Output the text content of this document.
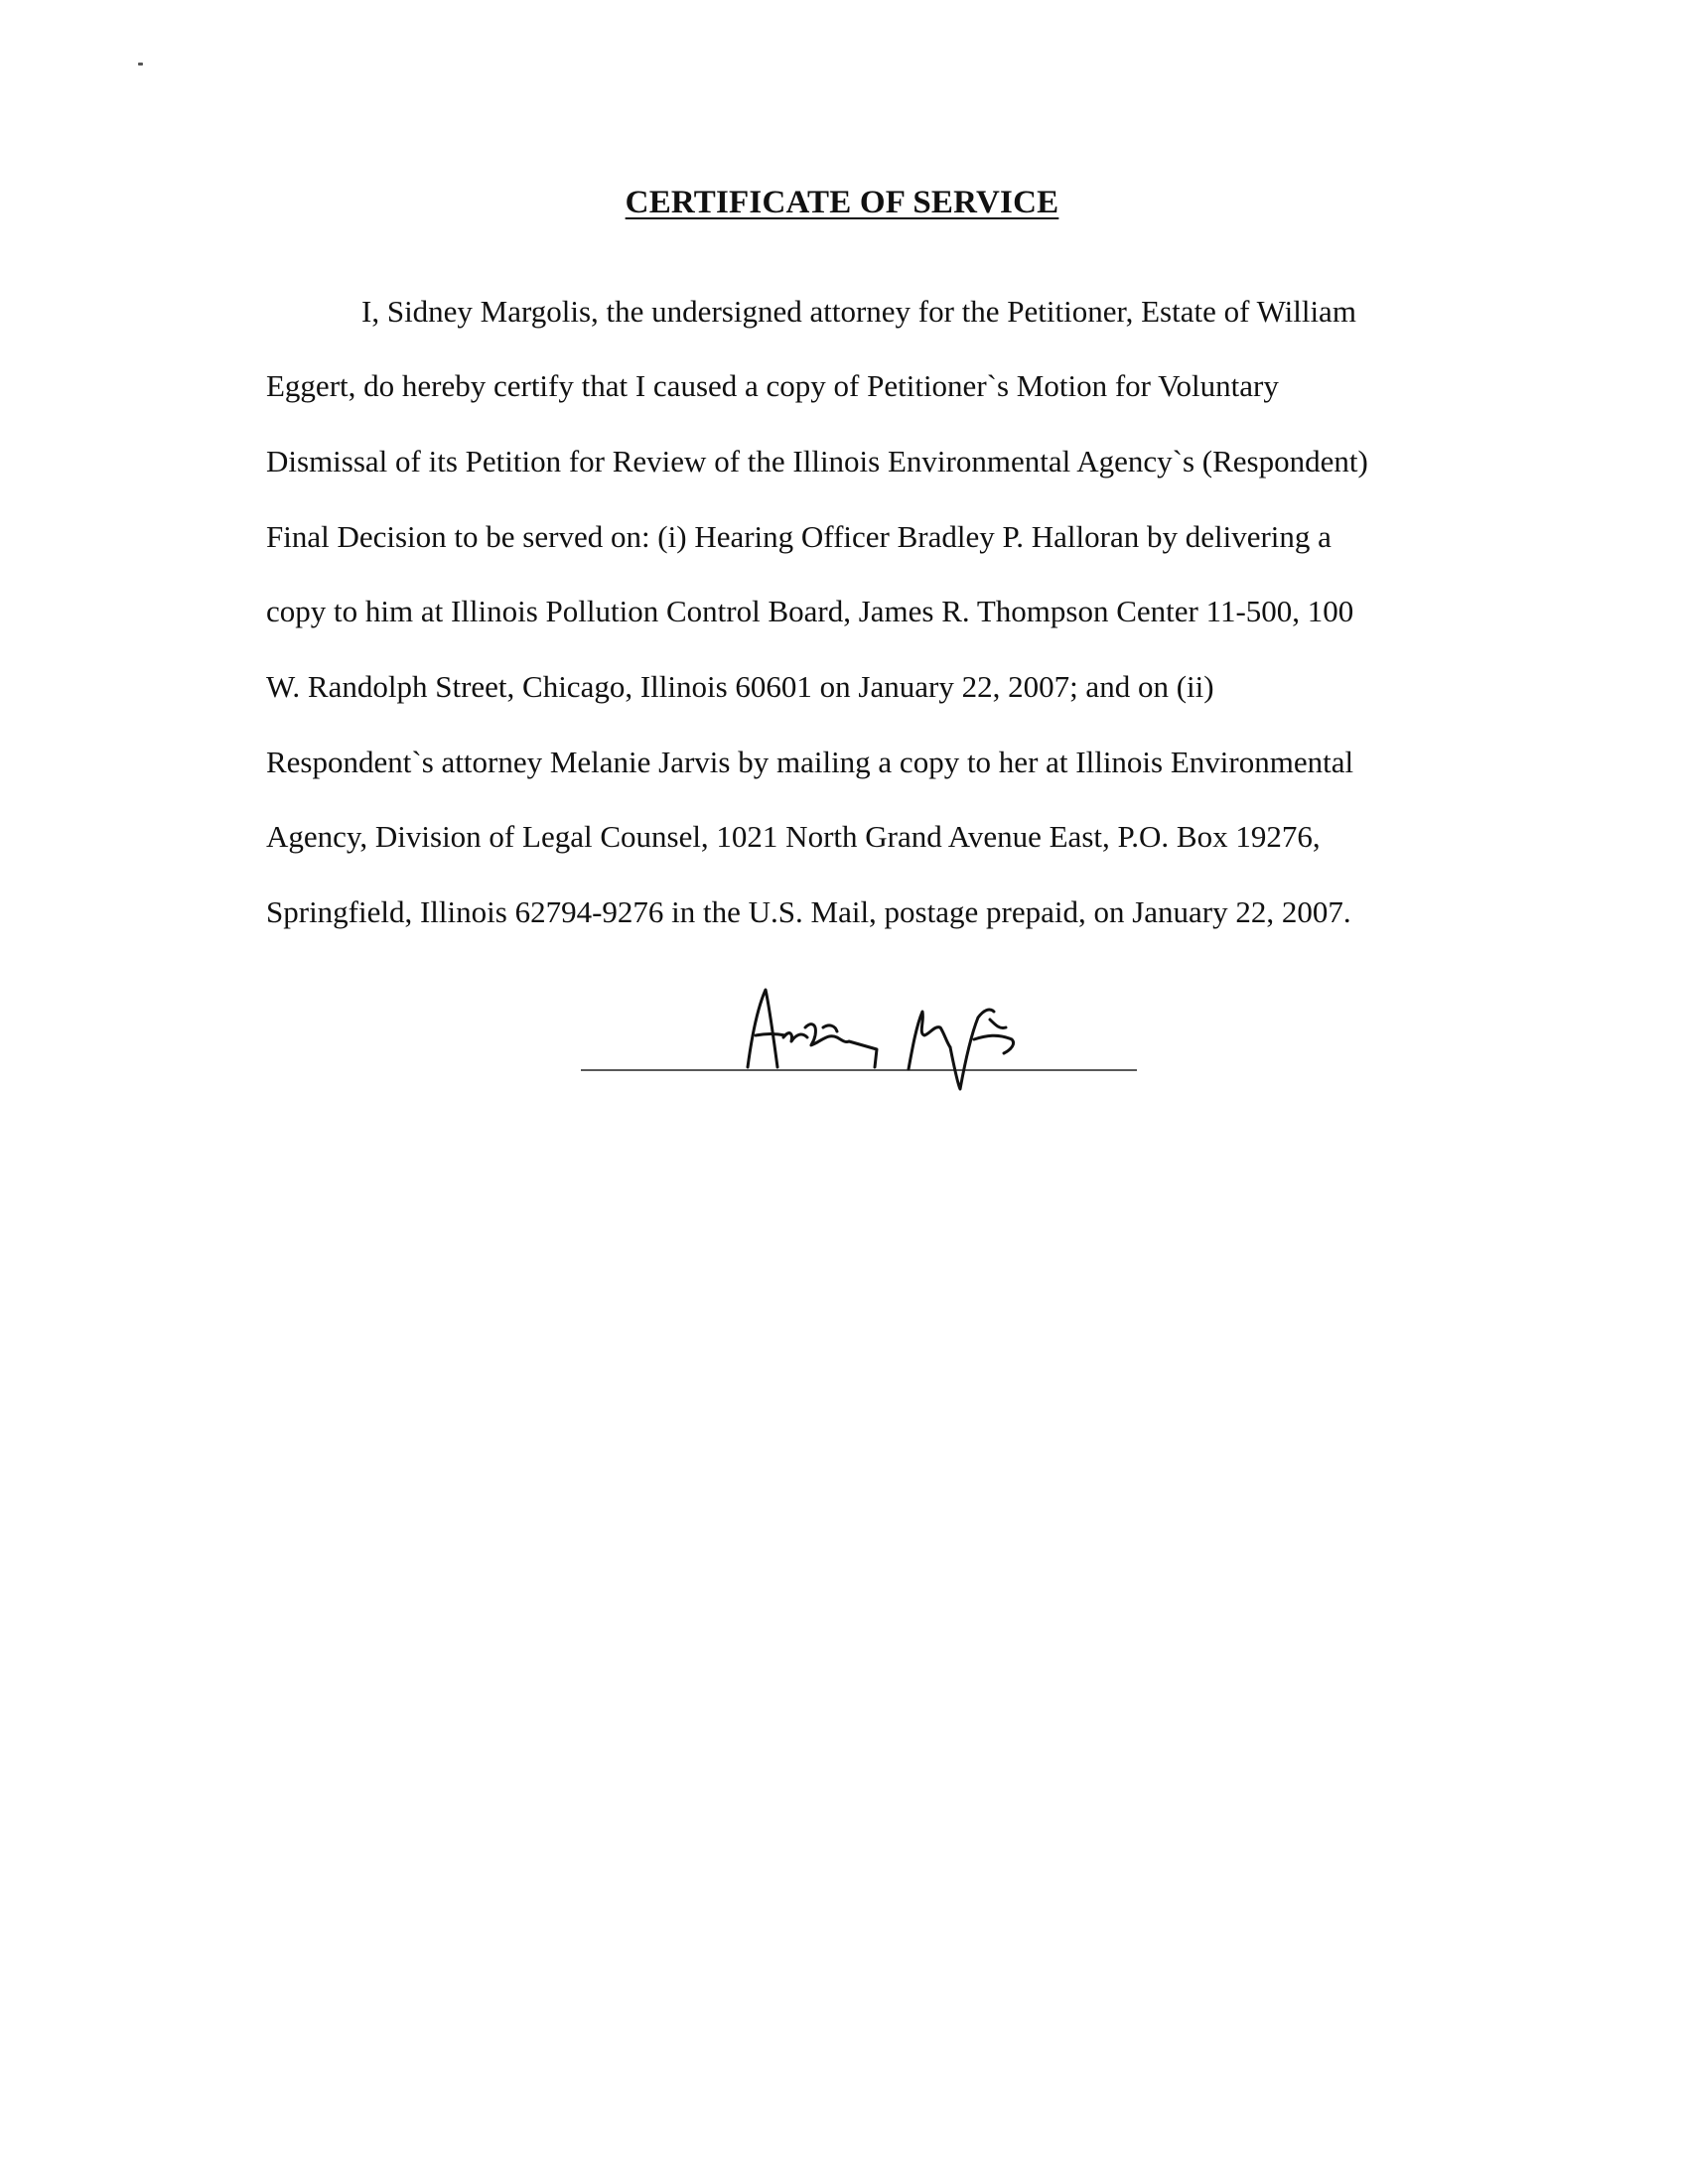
CERTIFICATE OF SERVICE
I, Sidney Margolis, the undersigned attorney for the Petitioner, Estate of William
Eggert, do hereby certify that I caused a copy of Petitioner`s Motion for Voluntary
Dismissal of its Petition for Review of the Illinois Environmental Agency`s (Respondent)
Final Decision to be served on: (i) Hearing Officer Bradley P. Halloran by delivering a
copy to him at Illinois Pollution Control Board, James R. Thompson Center 11-500, 100
W. Randolph Street, Chicago, Illinois 60601 on January 22, 2007; and on (ii)
Respondent`s attorney Melanie Jarvis by mailing a copy to her at Illinois Environmental
Agency, Division of Legal Counsel, 1021 North Grand Avenue East, P.O. Box 19276,
Springfield, Illinois 62794-9276 in the U.S. Mail, postage prepaid, on January 22, 2007.
